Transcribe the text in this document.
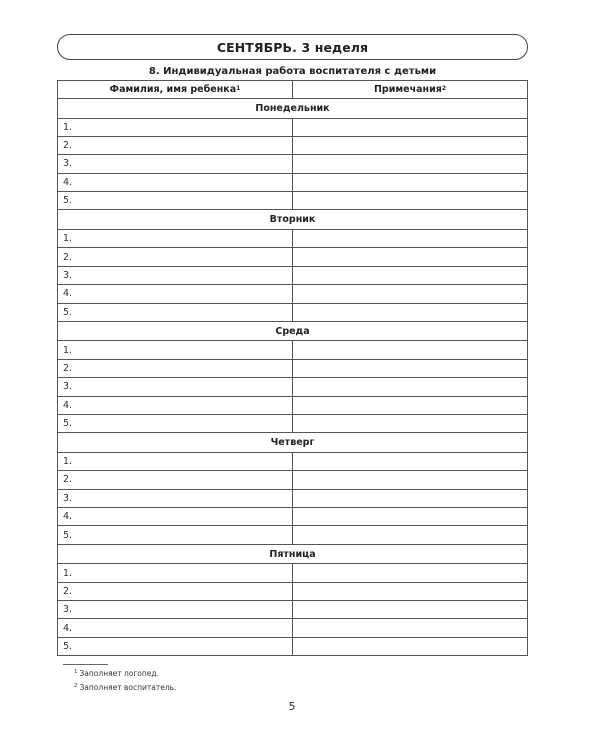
СЕНТЯБРЬ. 3 неделя
8. Индивидуальная работа воспитателя с детьми
Фамилия, имя ребенка$^1$	Примечания$^2$
Понедельник	
1.	
2.	
3.	
4.	
5.	
Вторник	
1.	
2.	
3.	
4.	
5.	
Среда	
1.	
2.	
3.	
4.	
5.	
Четверг	
1.	
2.	
3.	
4.	
5.	
Пятница	
1.	
2.	
3.	
4.	
5.	
$^1$ Заполняет логопед.
$^2$ Заполняет воспитатель.
5
